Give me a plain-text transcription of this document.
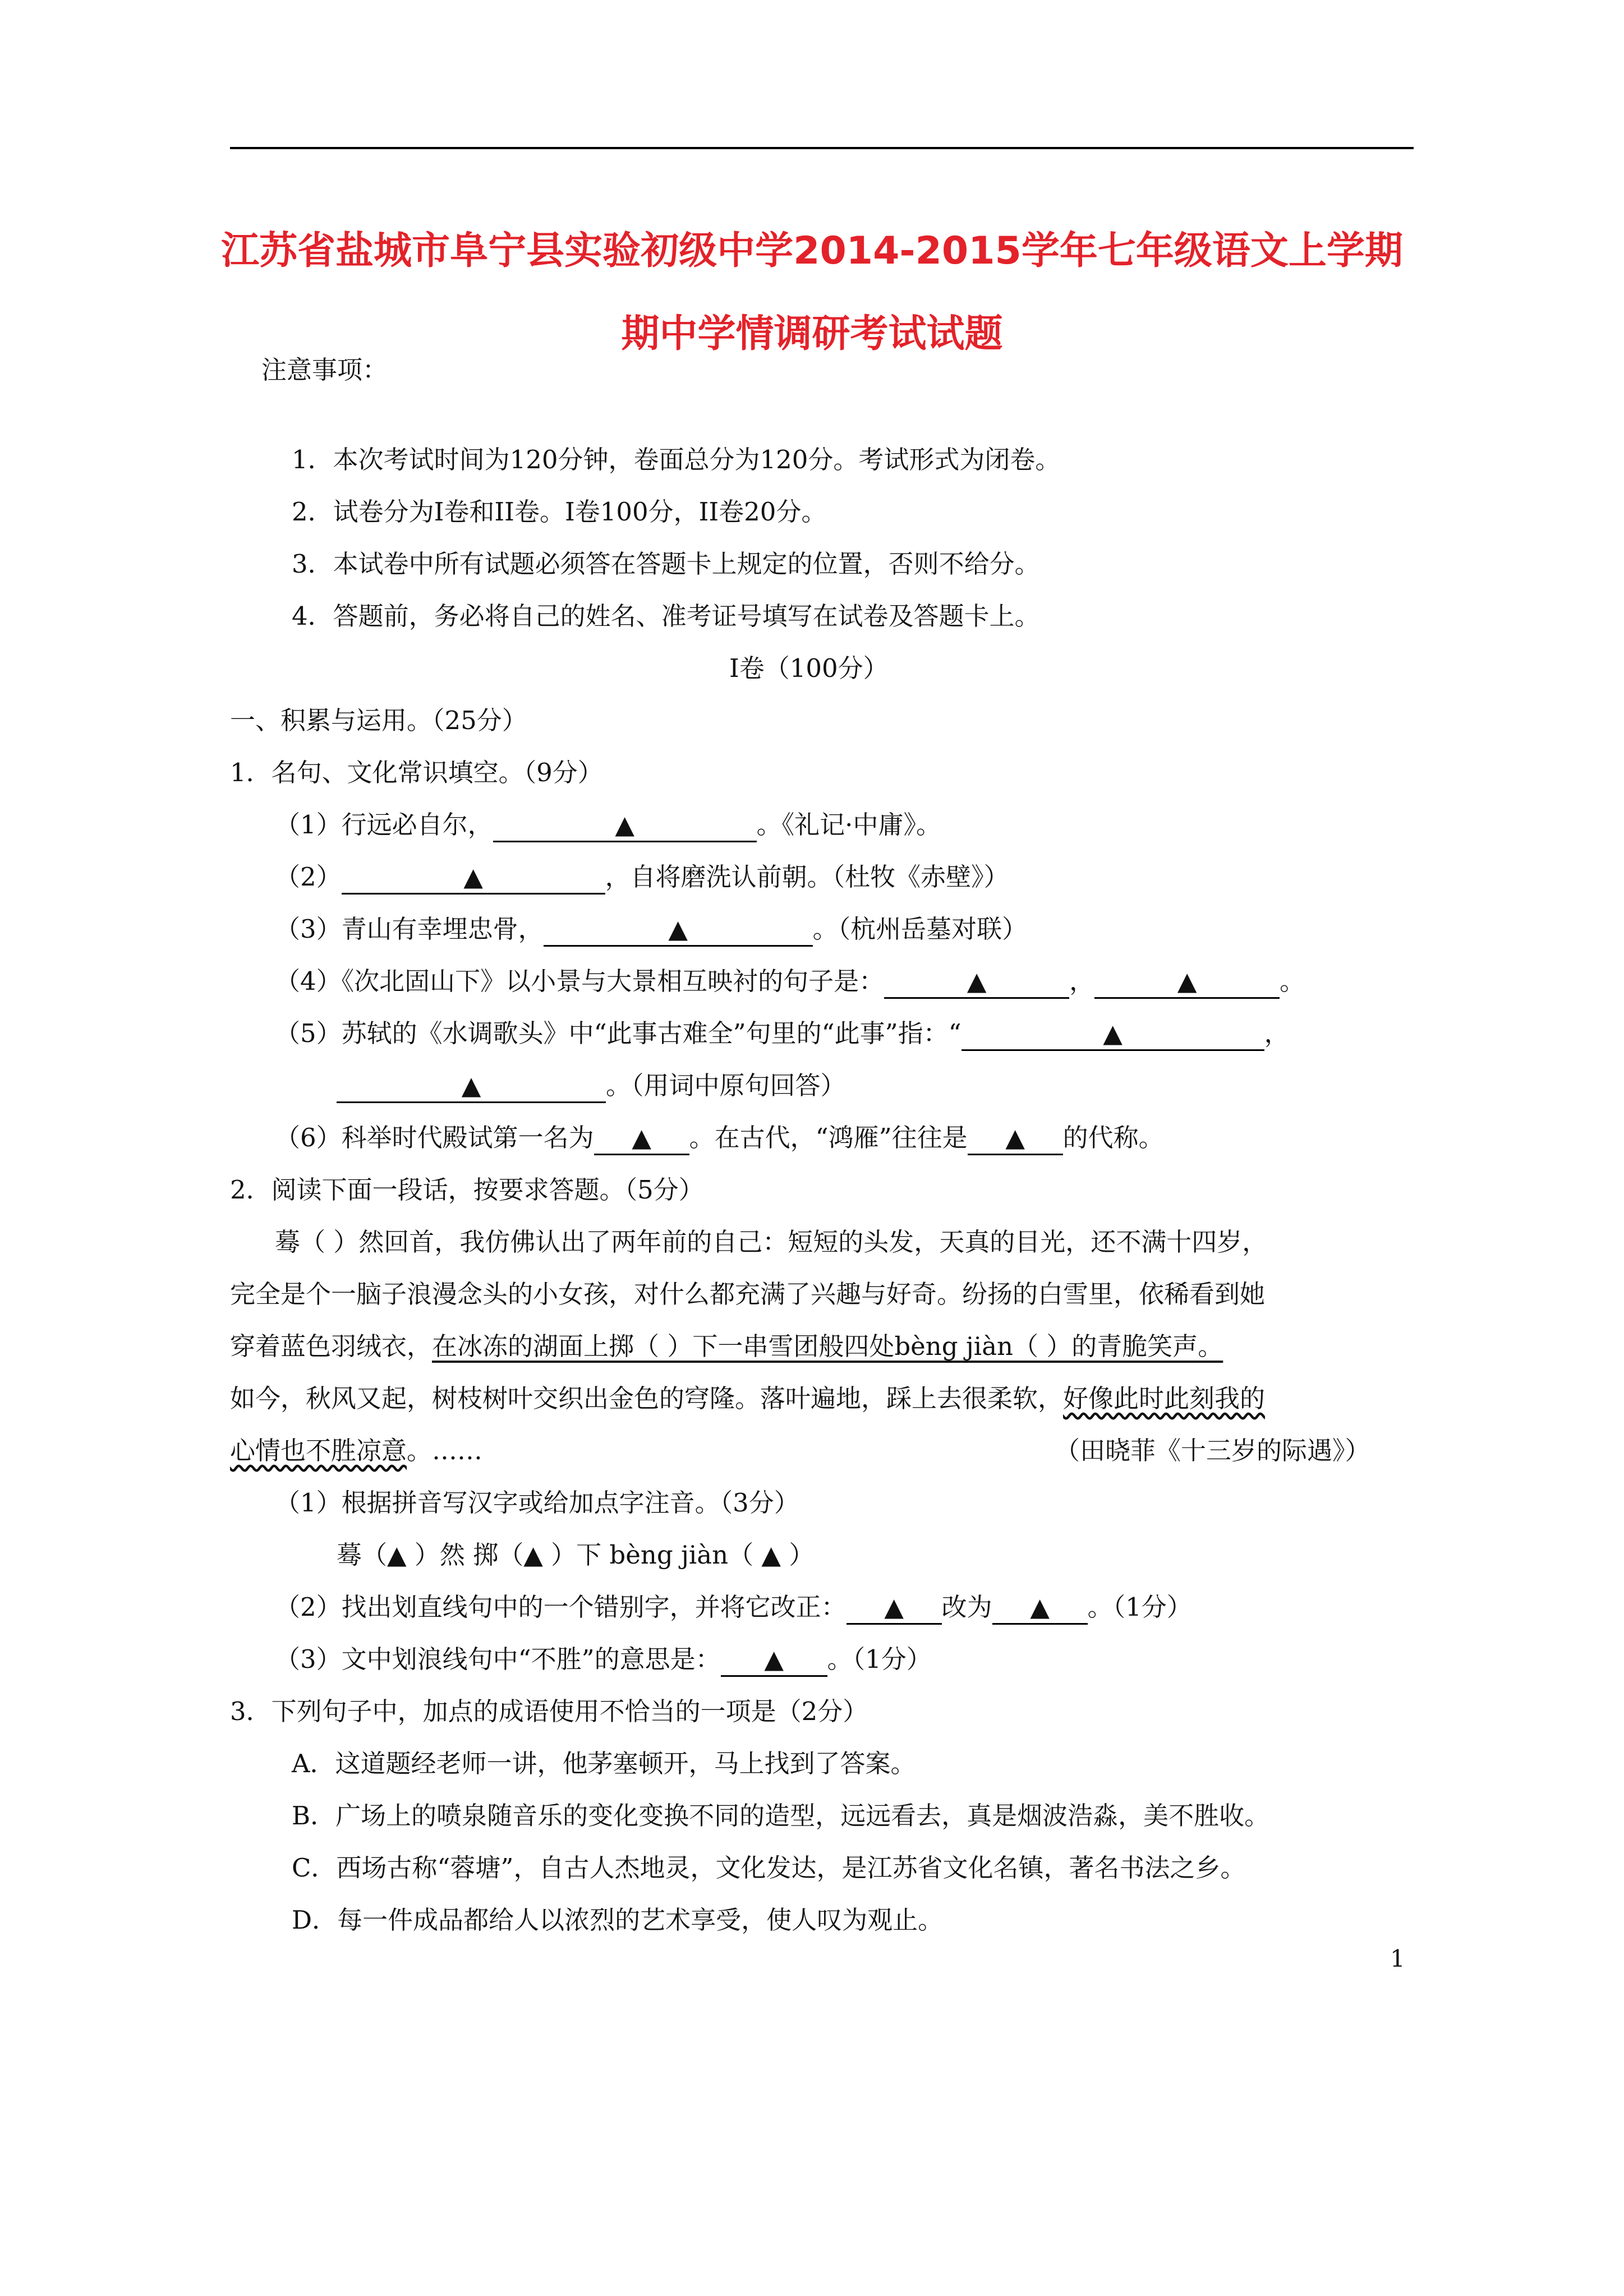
江苏省盐城市阜宁县实验初级中学2014-2015学年七年级语文上学期
期中学情调研考试试题
注意事项：
1．本次考试时间为120分钟，卷面总分为120分。考试形式为闭卷。
2．试卷分为I卷和II卷。I卷100分，II卷20分。
3．本试卷中所有试题必须答在答题卡上规定的位置，否则不给分。
4．答题前，务必将自己的姓名、准考证号填写在试卷及答题卡上。
I卷（100分）
一、积累与运用。（25分）
1．名句、文化常识填空。（9分）
（1）行远必自尔，	▲	。《礼记·中庸》。
（2）	▲	，自将磨洗认前朝。（杜牧《赤壁》）
（3）青山有幸埋忠骨，	▲	。（杭州岳墓对联）
（4）《次北固山下》以小景与大景相互映衬的句子是：	▲	，	▲	。
（5）苏轼的《水调歌头》中“此事古难全”句里的“此事”指：“	▲	，
▲	。（用词中原句回答）
（6）科举时代殿试第一名为 ▲ 。在古代，“鸿雁”往往是 ▲ 的代称。
2．阅读下面一段话，按要求答题。（5分）
蓦（ ）然回首，我仿佛认出了两年前的自己：短短的头发，天真的目光，还不满十四岁，
完全是个一脑子浪漫念头的小女孩，对什么都充满了兴趣与好奇。纷扬的白雪里，依稀看到她
穿着蓝色羽绒衣，在冰冻的湖面上掷（ ）下一串雪团般四处bèng jiàn（ ）的青脆笑声。
如今，秋风又起，树枝树叶交织出金色的穹隆。落叶遍地，踩上去很柔软，好像此时此刻我的
心情也不胜凉意。……	（田晓菲《十三岁的际遇》）
（1）根据拼音写汉字或给加点字注音。（3分）
蓦（▲ ）然 掷（▲ ）下 bèng jiàn（ ▲ ）
（2）找出划直线句中的一个错别字，并将它改正： ▲ 改为 ▲ 。（1分）
（3）文中划浪线句中“不胜”的意思是： ▲ 。（1分）
3．下列句子中，加点的成语使用不恰当的一项是（2分）
A．这道题经老师一讲，他茅塞顿开，马上找到了答案。
B．广场上的喷泉随音乐的变化变换不同的造型，远远看去，真是烟波浩淼，美不胜收。
C．西场古称“蓉塘”，自古人杰地灵，文化发达，是江苏省文化名镇，著名书法之乡。
D．每一件成品都给人以浓烈的艺术享受，使人叹为观止。
1
